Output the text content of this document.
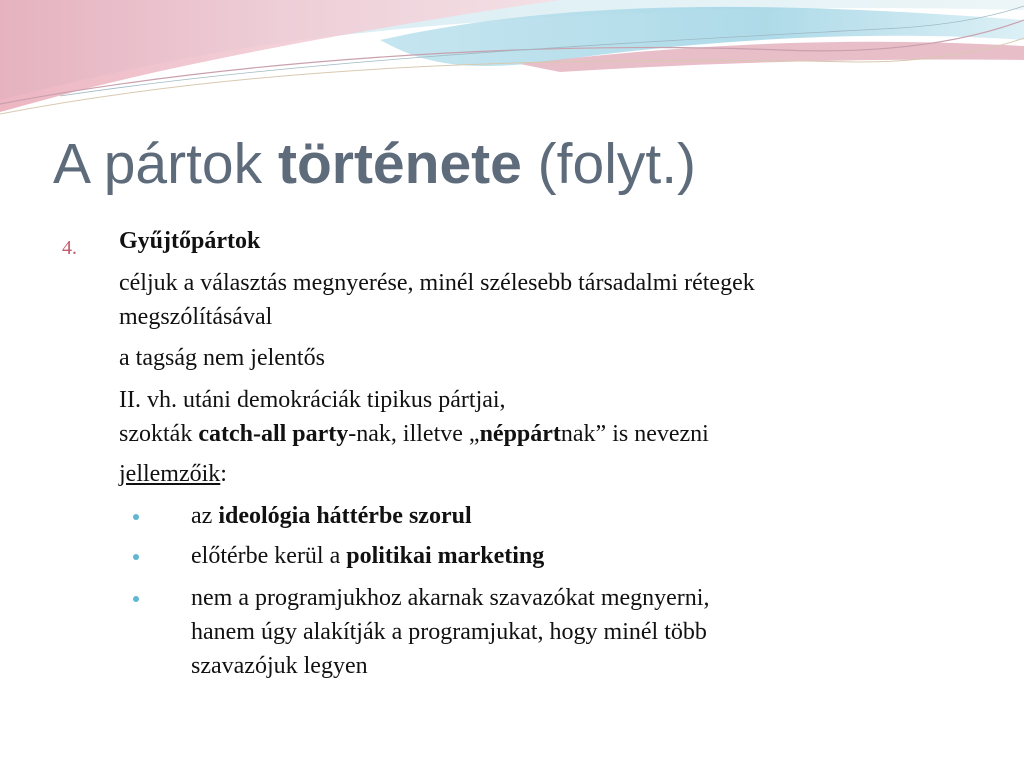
A pártok története (folyt.)
4. Gyűjtőpártok
céljuk a választás megnyerése, minél szélesebb társadalmi rétegek
megszólításával
a tagság nem jelentős
II. vh. utáni demokráciák tipikus pártjai,
szokták catch-all party-nak, illetve „néppártnak” is nevezni
jellemzőik:
az ideológia háttérbe szorul
előtérbe kerül a politikai marketing
nem a programjukhoz akarnak szavazókat megnyerni,
hanem úgy alakítják a programjukat, hogy minél több
szavazójuk legyen
